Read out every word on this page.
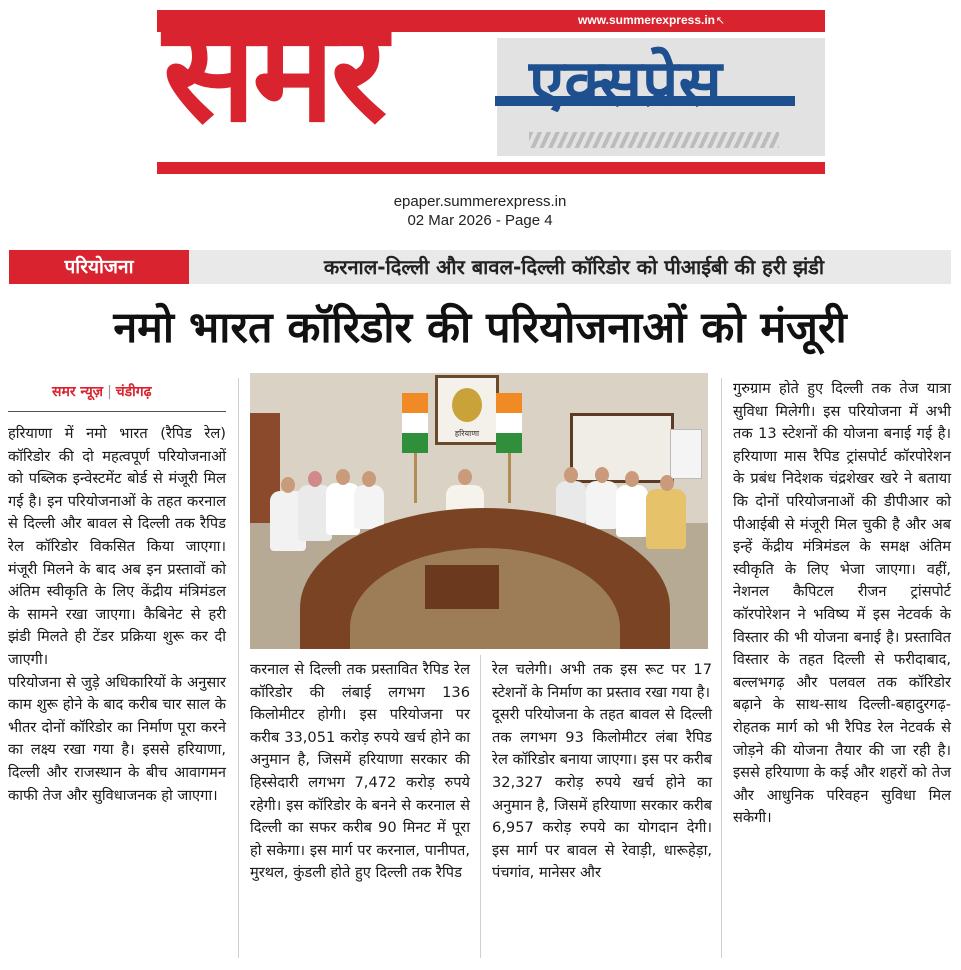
समर एक्सप्रेस
www.summerexpress.in ↖
epaper.summerexpress.in
02 Mar 2026 - Page 4
परियोजना	करनाल-दिल्ली और बावल-दिल्ली कॉरिडोर को पीआईबी की हरी झंडी
नमो भारत कॉरिडोर की परियोजनाओं को मंजूरी
समर न्यूज़ | चंडीगढ़

हरियाणा में नमो भारत (रैपिड रेल) कॉरिडोर की दो महत्वपूर्ण परियोजनाओं को पब्लिक इन्वेस्टमेंट बोर्ड से मंजूरी मिल गई है। इन परियोजनाओं के तहत करनाल से दिल्ली और बावल से दिल्ली तक रैपिड रेल कॉरिडोर विकसित किया जाएगा। मंजूरी मिलने के बाद अब इन प्रस्तावों को अंतिम स्वीकृति के लिए केंद्रीय मंत्रिमंडल के सामने रखा जाएगा। कैबिनेट से हरी झंडी मिलते ही टेंडर प्रक्रिया शुरू कर दी जाएगी।

परियोजना से जुड़े अधिकारियों के अनुसार काम शुरू होने के बाद करीब चार साल के भीतर दोनों कॉरिडोर का निर्माण पूरा करने का लक्ष्य रखा गया है। इससे हरियाणा, दिल्ली और राजस्थान के बीच आवागमन काफी तेज और सुविधाजनक हो जाएगा।

करनाल से दिल्ली तक प्रस्तावित रैपिड रेल कॉरिडोर की लंबाई लगभग 136 किलोमीटर होगी। इस परियोजना पर करीब 33,051 करोड़ रुपये खर्च होने का अनुमान है, जिसमें हरियाणा सरकार की हिस्सेदारी लगभग 7,472 करोड़ रुपये रहेगी। इस कॉरिडोर के बनने से करनाल से दिल्ली का सफर करीब 90 मिनट में पूरा हो सकेगा। इस मार्ग पर करनाल, पानीपत, मुरथल, कुंडली होते हुए दिल्ली तक रैपिड

रेल चलेगी। अभी तक इस रूट पर 17 स्टेशनों के निर्माण का प्रस्ताव रखा गया है।

दूसरी परियोजना के तहत बावल से दिल्ली तक लगभग 93 किलोमीटर लंबा रैपिड रेल कॉरिडोर बनाया जाएगा। इस पर करीब 32,327 करोड़ रुपये खर्च होने का अनुमान है, जिसमें हरियाणा सरकार करीब 6,957 करोड़ रुपये का योगदान देगी। इस मार्ग पर बावल से रेवाड़ी, धारूहेड़ा, पंचगांव, मानेसर और

गुरुग्राम होते हुए दिल्ली तक तेज यात्रा सुविधा मिलेगी। इस परियोजना में अभी तक 13 स्टेशनों की योजना बनाई गई है। हरियाणा मास रैपिड ट्रांसपोर्ट कॉरपोरेशन के प्रबंध निदेशक चंद्रशेखर खरे ने बताया कि दोनों परियोजनाओं की डीपीआर को पीआईबी से मंजूरी मिल चुकी है और अब इन्हें केंद्रीय मंत्रिमंडल के समक्ष अंतिम स्वीकृति के लिए भेजा जाएगा। वहीं, नेशनल कैपिटल रीजन ट्रांसपोर्ट कॉरपोरेशन ने भविष्य में इस नेटवर्क के विस्तार की भी योजना बनाई है। प्रस्तावित विस्तार के तहत दिल्ली से फरीदाबाद, बल्लभगढ़ और पलवल तक कॉरिडोर बढ़ाने के साथ-साथ दिल्ली-बहादुरगढ़-रोहतक मार्ग को भी रैपिड रेल नेटवर्क से जोड़ने की योजना तैयार की जा रही है। इससे हरियाणा के कई और शहरों को तेज और आधुनिक परिवहन सुविधा मिल सकेगी।

हरियाणा
